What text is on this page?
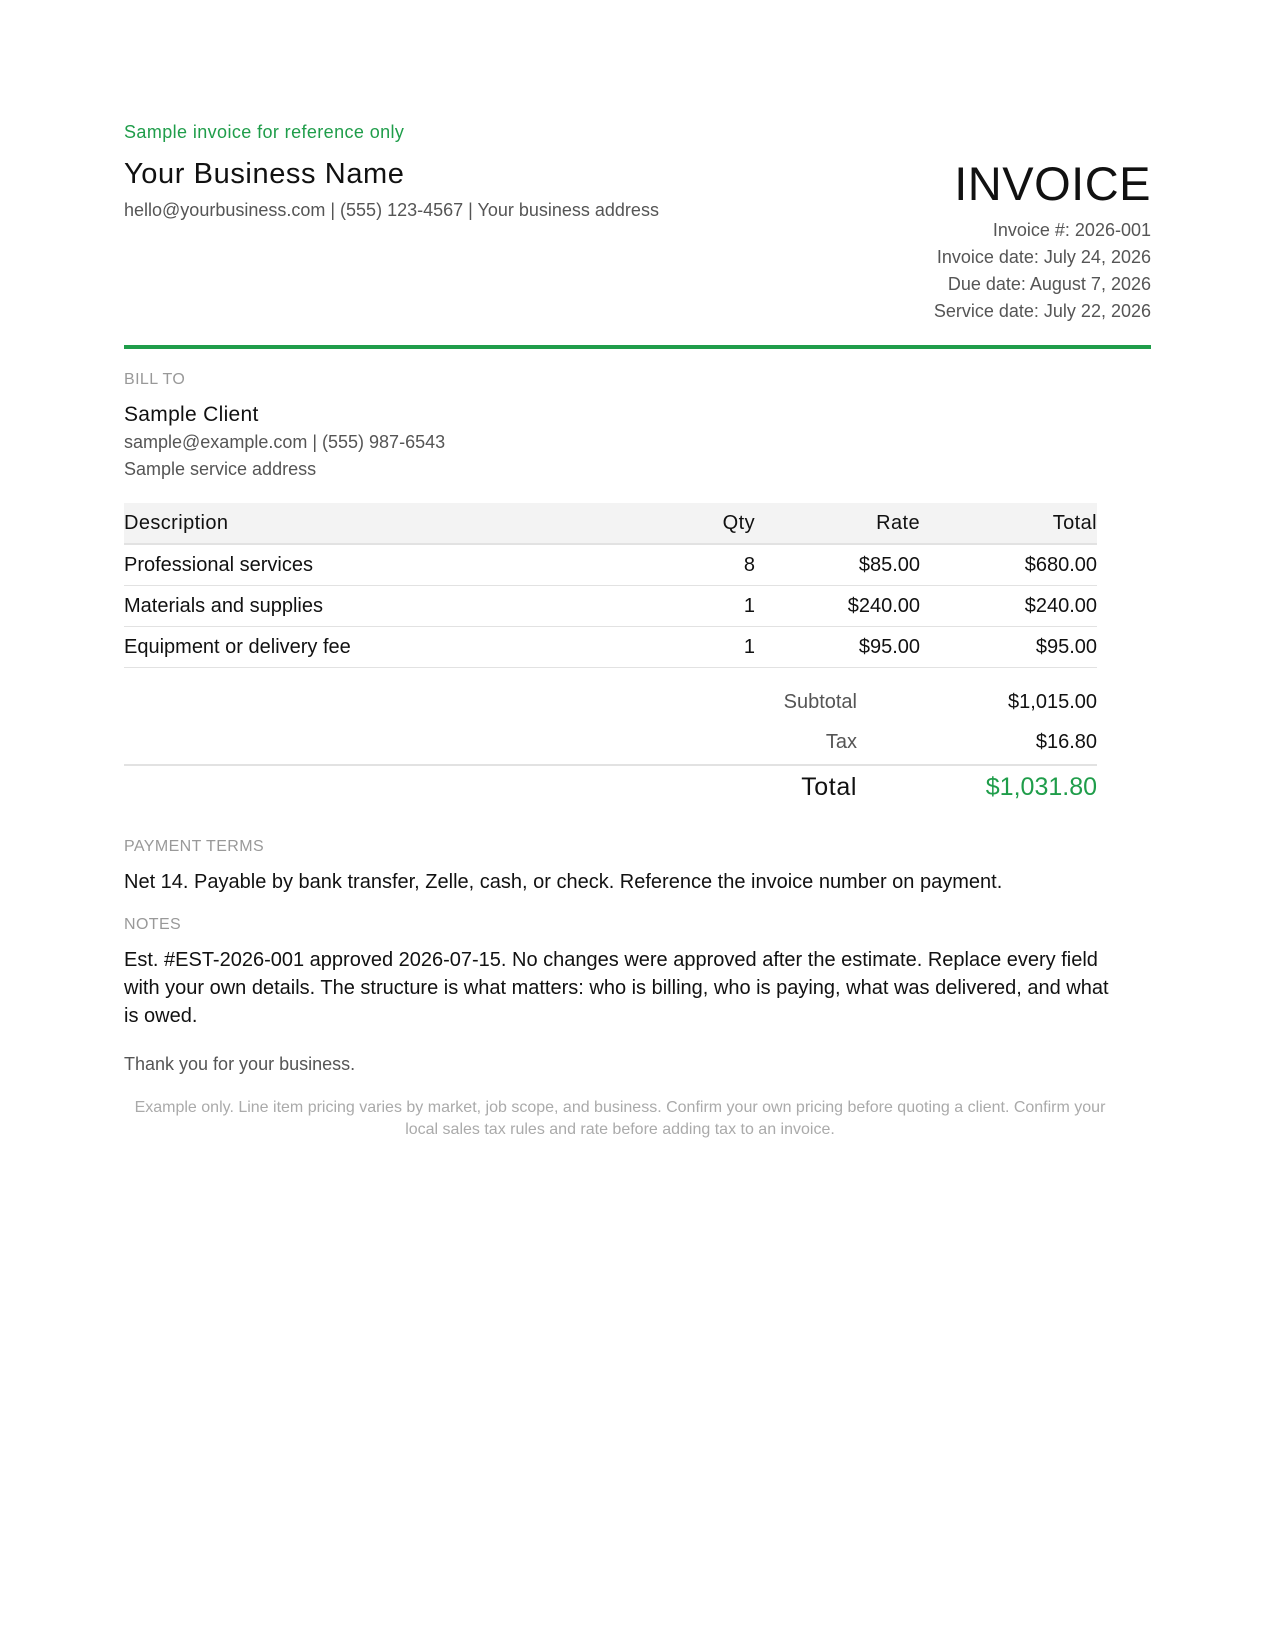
Sample invoice for reference only
Your Business Name
hello@yourbusiness.com | (555) 123-4567 | Your business address	INVOICE
Invoice #: 2026-001
Invoice date: July 24, 2026
Due date: August 7, 2026
Service date: July 22, 2026
BILL TO
Sample Client
sample@example.com | (555) 987-6543
Sample service address
Description	Qty	Rate	Total
Professional services	8	$85.00	$680.00
Materials and supplies	1	$240.00	$240.00
Equipment or delivery fee	1	$95.00	$95.00
Subtotal	$1,015.00
Tax	$16.80
Total	$1,031.80
PAYMENT TERMS
Net 14. Payable by bank transfer, Zelle, cash, or check. Reference the invoice number on payment.
NOTES
Est. #EST-2026-001 approved 2026-07-15. No changes were approved after the estimate. Replace every field with your own details. The structure is what matters: who is billing, who is paying, what was delivered, and what is owed.
Thank you for your business.
Example only. Line item pricing varies by market, job scope, and business. Confirm your own pricing before quoting a client. Confirm your local sales tax rules and rate before adding tax to an invoice.
